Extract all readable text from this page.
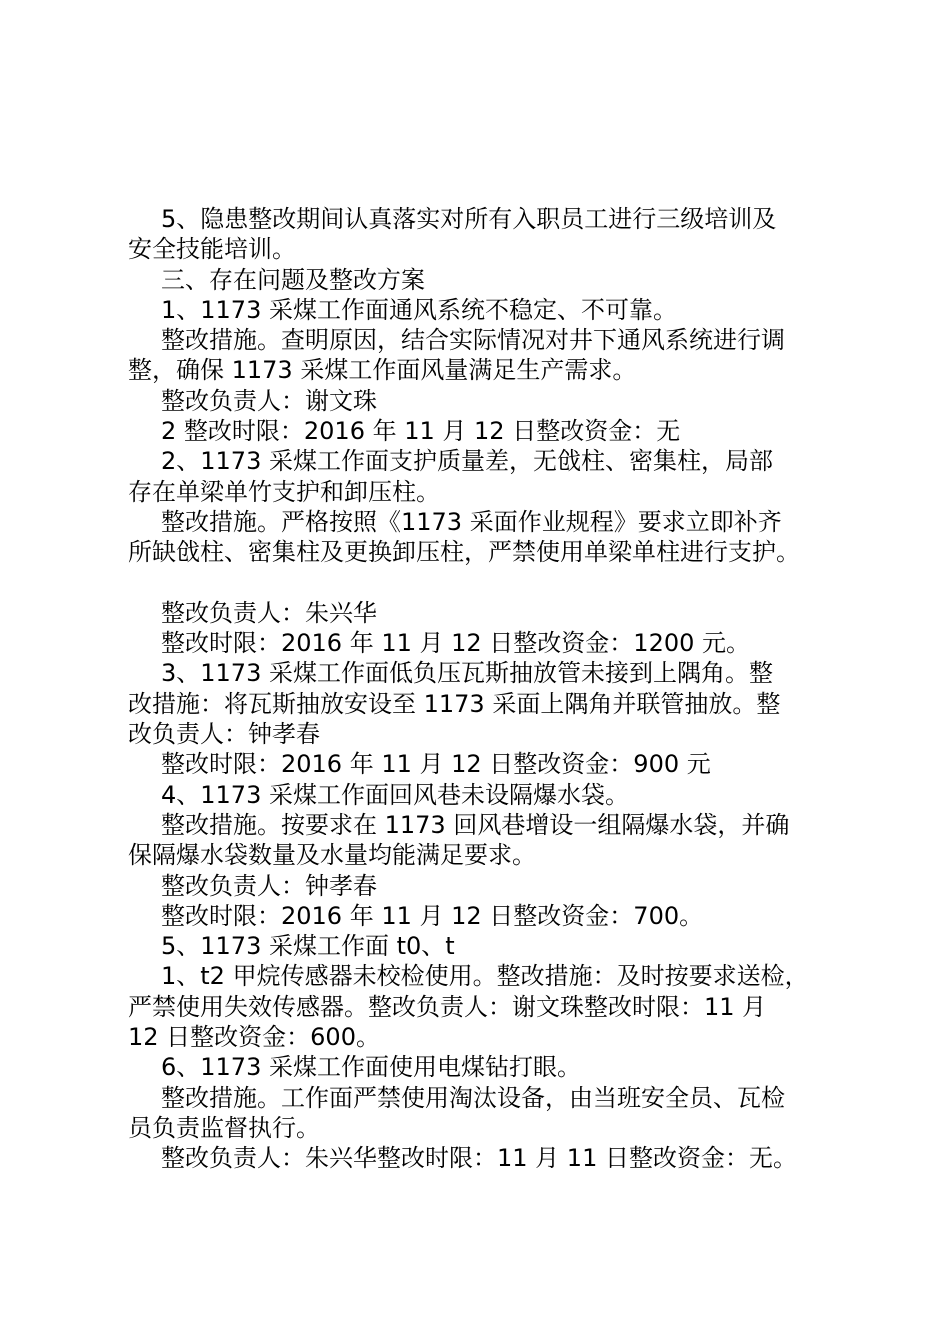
5、隐患整改期间认真落实对所有入职员工进行三级培训及
安全技能培训。
三、存在问题及整改方案
1、1173 采煤工作面通风系统不稳定、不可靠。
整改措施。查明原因，结合实际情况对井下通风系统进行调
整，确保 1173 采煤工作面风量满足生产需求。
整改负责人：谢文珠
2 整改时限：2016 年 11 月 12 日整改资金：无
2、1173 采煤工作面支护质量差，无戗柱、密集柱，局部
存在单梁单竹支护和卸压柱。
整改措施。严格按照《1173 采面作业规程》要求立即补齐
所缺戗柱、密集柱及更换卸压柱，严禁使用单梁单柱进行支护。
整改负责人：朱兴华
整改时限：2016 年 11 月 12 日整改资金：1200 元。
3、1173 采煤工作面低负压瓦斯抽放管未接到上隅角。整
改措施：将瓦斯抽放安设至 1173 采面上隅角并联管抽放。整
改负责人：钟孝春
整改时限：2016 年 11 月 12 日整改资金：900 元
4、1173 采煤工作面回风巷未设隔爆水袋。
整改措施。按要求在 1173 回风巷增设一组隔爆水袋，并确
保隔爆水袋数量及水量均能满足要求。
整改负责人：钟孝春
整改时限：2016 年 11 月 12 日整改资金：700。
5、1173 采煤工作面 t0、t
1、t2 甲烷传感器未校检使用。整改措施：及时按要求送检，
严禁使用失效传感器。整改负责人：谢文珠整改时限：11 月
12 日整改资金：600。
6、1173 采煤工作面使用电煤钻打眼。
整改措施。工作面严禁使用淘汰设备，由当班安全员、瓦检
员负责监督执行。
整改负责人：朱兴华整改时限：11 月 11 日整改资金：无。
